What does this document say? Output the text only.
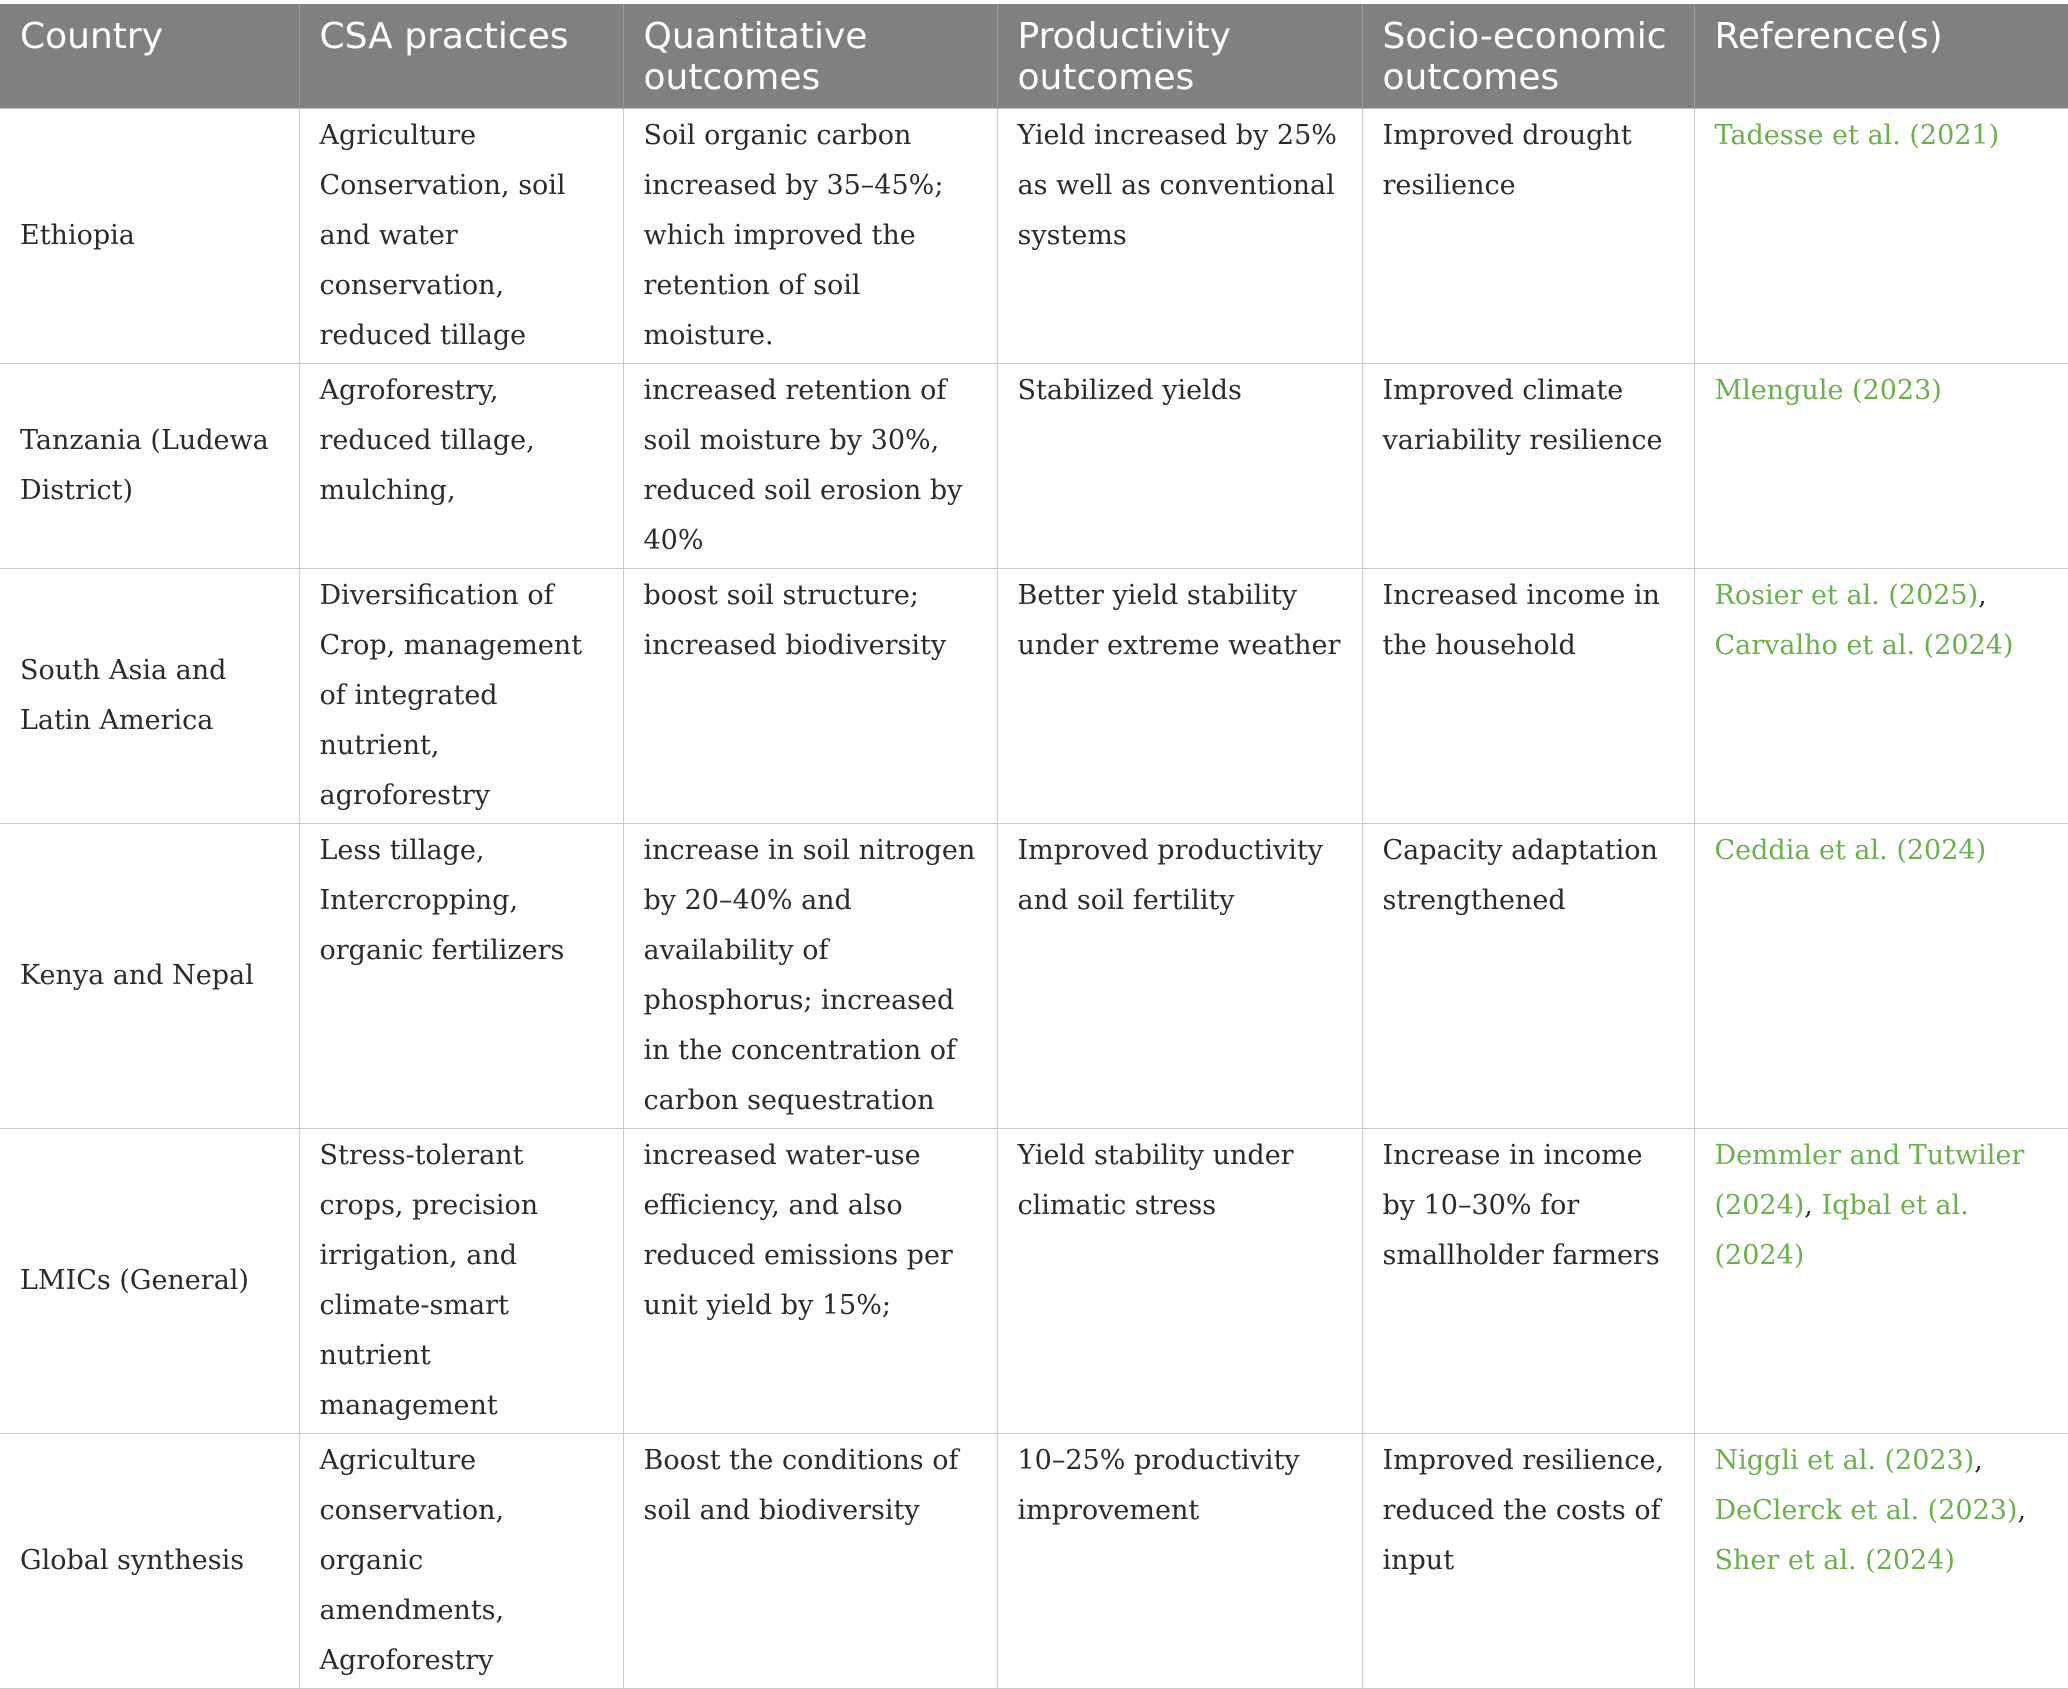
Country	CSA practices	Quantitative outcomes	Productivity outcomes	Socio-economic outcomes	Reference(s)
Ethiopia	Agriculture Conservation, soil and water conservation, reduced tillage	Soil organic carbon increased by 35–45%; which improved the retention of soil moisture.	Yield increased by 25% as well as conventional systems	Improved drought resilience	Tadesse et al. (2021)
Tanzania (Ludewa District)	Agroforestry, reduced tillage, mulching,	increased retention of soil moisture by 30%, reduced soil erosion by 40%	Stabilized yields	Improved climate variability resilience	Mlengule (2023)
South Asia and Latin America	Diversification of Crop, management of integrated nutrient, agroforestry	boost soil structure; increased biodiversity	Better yield stability under extreme weather	Increased income in the household	Rosier et al. (2025), Carvalho et al. (2024)
Kenya and Nepal	Less tillage, Intercropping, organic fertilizers	increase in soil nitrogen by 20–40% and availability of phosphorus; increased in the concentration of carbon sequestration	Improved productivity and soil fertility	Capacity adaptation strengthened	Ceddia et al. (2024)
LMICs (General)	Stress-tolerant crops, precision irrigation, and climate-smart nutrient management	increased water-use efficiency, and also reduced emissions per unit yield by 15%;	Yield stability under climatic stress	Increase in income by 10–30% for smallholder farmers	Demmler and Tutwiler (2024), Iqbal et al. (2024)
Global synthesis	Agriculture conservation, organic amendments, Agroforestry	Boost the conditions of soil and biodiversity	10–25% productivity improvement	Improved resilience, reduced the costs of input	Niggli et al. (2023), DeClerck et al. (2023), Sher et al. (2024)
